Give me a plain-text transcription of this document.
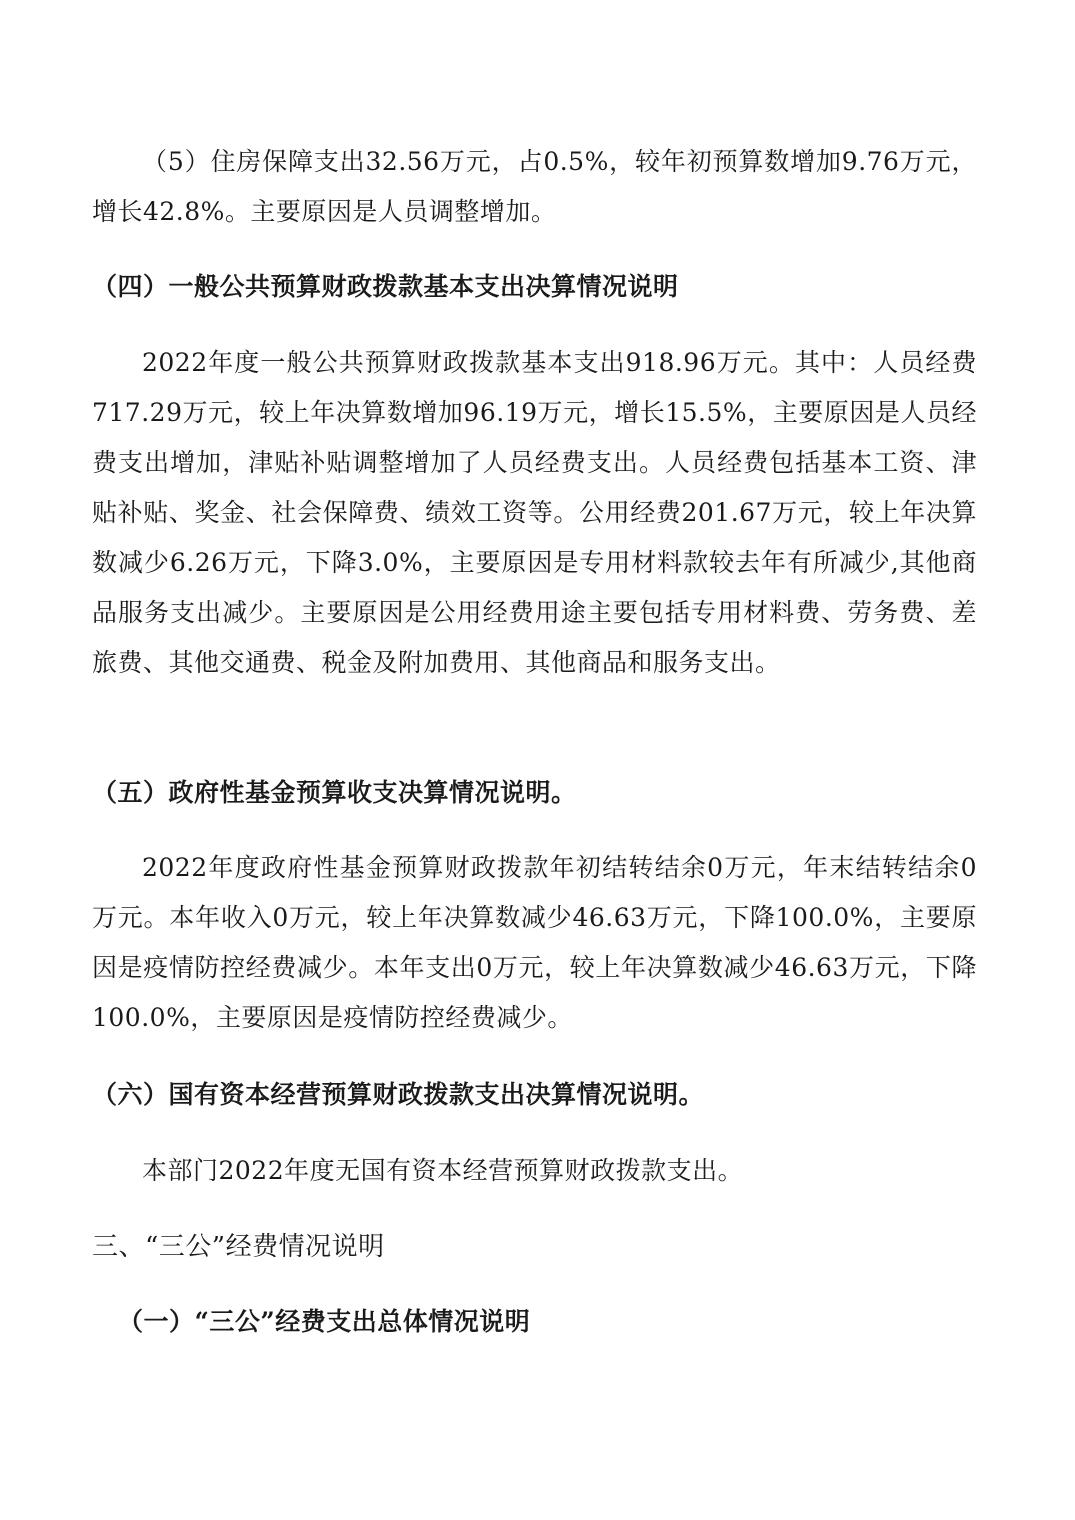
（5）住房保障支出32.56万元，占0.5%，较年初预算数增加9.76万元，增长42.8%。主要原因是人员调整增加。

（四）一般公共预算财政拨款基本支出决算情况说明

2022年度一般公共预算财政拨款基本支出918.96万元。其中：人员经费717.29万元，较上年决算数增加96.19万元，增长15.5%，主要原因是人员经费支出增加，津贴补贴调整增加了人员经费支出。人员经费包括基本工资、津贴补贴、奖金、社会保障费、绩效工资等。公用经费201.67万元，较上年决算数减少6.26万元，下降3.0%，主要原因是专用材料款较去年有所减少,其他商品服务支出减少。主要原因是公用经费用途主要包括专用材料费、劳务费、差旅费、其他交通费、税金及附加费用、其他商品和服务支出。

（五）政府性基金预算收支决算情况说明。

2022年度政府性基金预算财政拨款年初结转结余0万元，年末结转结余0万元。本年收入0万元，较上年决算数减少46.63万元，下降100.0%，主要原因是疫情防控经费减少。本年支出0万元，较上年决算数减少46.63万元，下降100.0%，主要原因是疫情防控经费减少。

（六）国有资本经营预算财政拨款支出决算情况说明。

本部门2022年度无国有资本经营预算财政拨款支出。

三、“三公”经费情况说明

（一）“三公”经费支出总体情况说明
